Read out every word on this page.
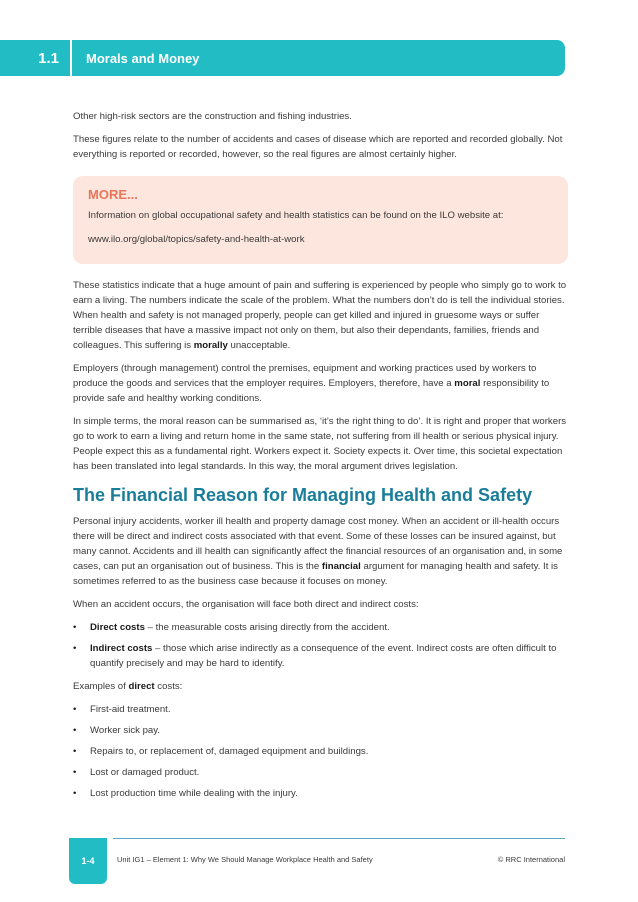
1.1	Morals and Money

Other high-risk sectors are the construction and fishing industries.

These figures relate to the number of accidents and cases of disease which are reported and recorded globally. Not everything is reported or recorded, however, so the real figures are almost certainly higher.

MORE...

Information on global occupational safety and health statistics can be found on the ILO website at:

www.ilo.org/global/topics/safety-and-health-at-work

These statistics indicate that a huge amount of pain and suffering is experienced by people who simply go to work to earn a living. The numbers indicate the scale of the problem. What the numbers don’t do is tell the individual stories. When health and safety is not managed properly, people can get killed and injured in gruesome ways or suffer terrible diseases that have a massive impact not only on them, but also their dependants, families, friends and colleagues. This suffering is morally unacceptable.

Employers (through management) control the premises, equipment and working practices used by workers to produce the goods and services that the employer requires. Employers, therefore, have a moral responsibility to provide safe and healthy working conditions.

In simple terms, the moral reason can be summarised as, ‘it’s the right thing to do’. It is right and proper that workers go to work to earn a living and return home in the same state, not suffering from ill health or serious physical injury. People expect this as a fundamental right. Workers expect it. Society expects it. Over time, this societal expectation has been translated into legal standards. In this way, the moral argument drives legislation.

The Financial Reason for Managing Health and Safety

Personal injury accidents, worker ill health and property damage cost money. When an accident or ill-health occurs there will be direct and indirect costs associated with that event. Some of these losses can be insured against, but many cannot. Accidents and ill health can significantly affect the financial resources of an organisation and, in some cases, can put an organisation out of business. This is the financial argument for managing health and safety. It is sometimes referred to as the business case because it focuses on money.

When an accident occurs, the organisation will face both direct and indirect costs:

• Direct costs – the measurable costs arising directly from the accident.
• Indirect costs – those which arise indirectly as a consequence of the event. Indirect costs are often difficult to quantify precisely and may be hard to identify.

Examples of direct costs:

• First-aid treatment.
• Worker sick pay.
• Repairs to, or replacement of, damaged equipment and buildings.
• Lost or damaged product.
• Lost production time while dealing with the injury.
1-4	Unit IG1 – Element 1: Why We Should Manage Workplace Health and Safety	© RRC International
